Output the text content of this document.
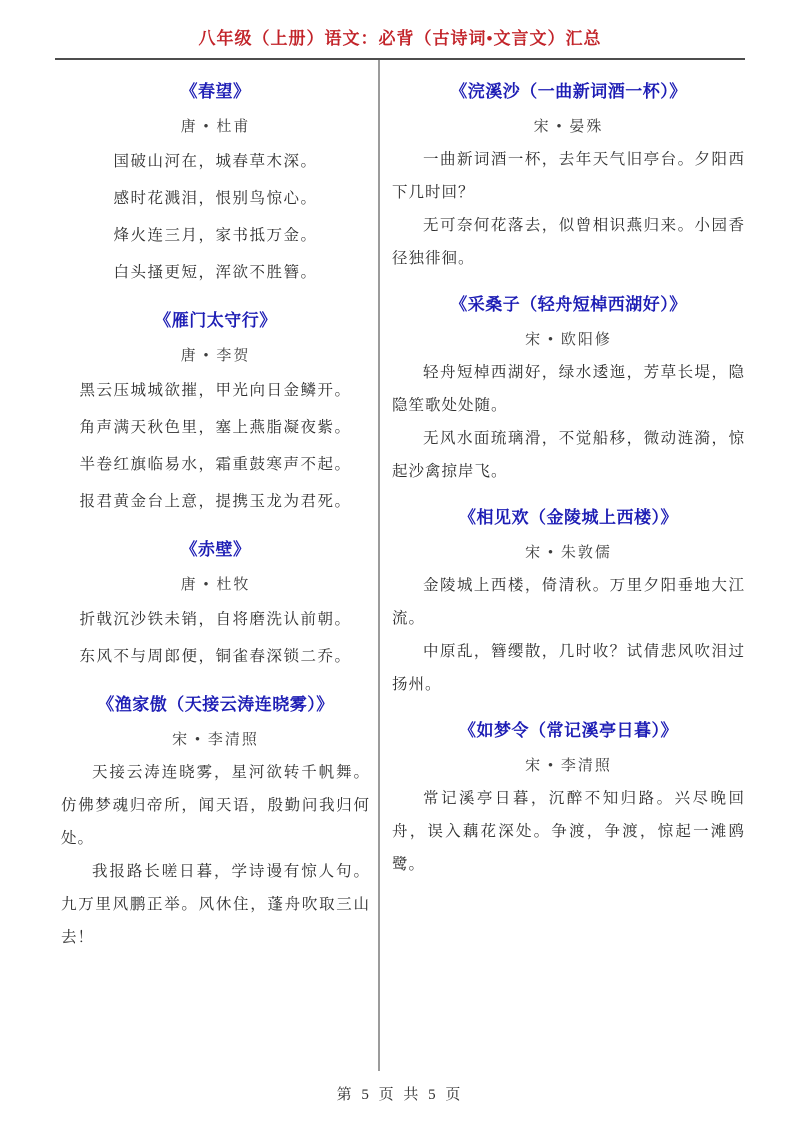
八年级（上册）语文：必背（古诗词•文言文）汇总
《春望》
唐 • 杜甫

国破山河在，城春草木深。

感时花溅泪，恨别鸟惊心。

烽火连三月，家书抵万金。

白头搔更短，浑欲不胜簪。

《雁门太守行》
唐 • 李贺

黑云压城城欲摧，甲光向日金鳞开。

角声满天秋色里，塞上燕脂凝夜紫。

半卷红旗临易水，霜重鼓寒声不起。

报君黄金台上意，提携玉龙为君死。

《赤壁》
唐 • 杜牧

折戟沉沙铁未销，自将磨洗认前朝。

东风不与周郎便，铜雀春深锁二乔。

《渔家傲（天接云涛连晓雾）》
宋 • 李清照

天接云涛连晓雾，星河欲转千帆舞。仿佛梦魂归帝所，闻天语，殷勤问我归何处。

我报路长嗟日暮，学诗谩有惊人句。九万里风鹏正举。风休住，蓬舟吹取三山去！

《浣溪沙（一曲新词酒一杯）》
宋 • 晏殊

一曲新词酒一杯，去年天气旧亭台。夕阳西下几时回？

无可奈何花落去，似曾相识燕归来。小园香径独徘徊。

《采桑子（轻舟短棹西湖好）》
宋 • 欧阳修

轻舟短棹西湖好，绿水逶迤，芳草长堤，隐隐笙歌处处随。

无风水面琉璃滑，不觉船移，微动涟漪，惊起沙禽掠岸飞。

《相见欢（金陵城上西楼）》
宋 • 朱敦儒

金陵城上西楼，倚清秋。万里夕阳垂地大江流。

中原乱，簪缨散，几时收？试倩悲风吹泪过扬州。

《如梦令（常记溪亭日暮）》
宋 • 李清照

常记溪亭日暮，沉醉不知归路。兴尽晚回舟，误入藕花深处。争渡，争渡，惊起一滩鸥鹭。

第 5 页 共 5 页
